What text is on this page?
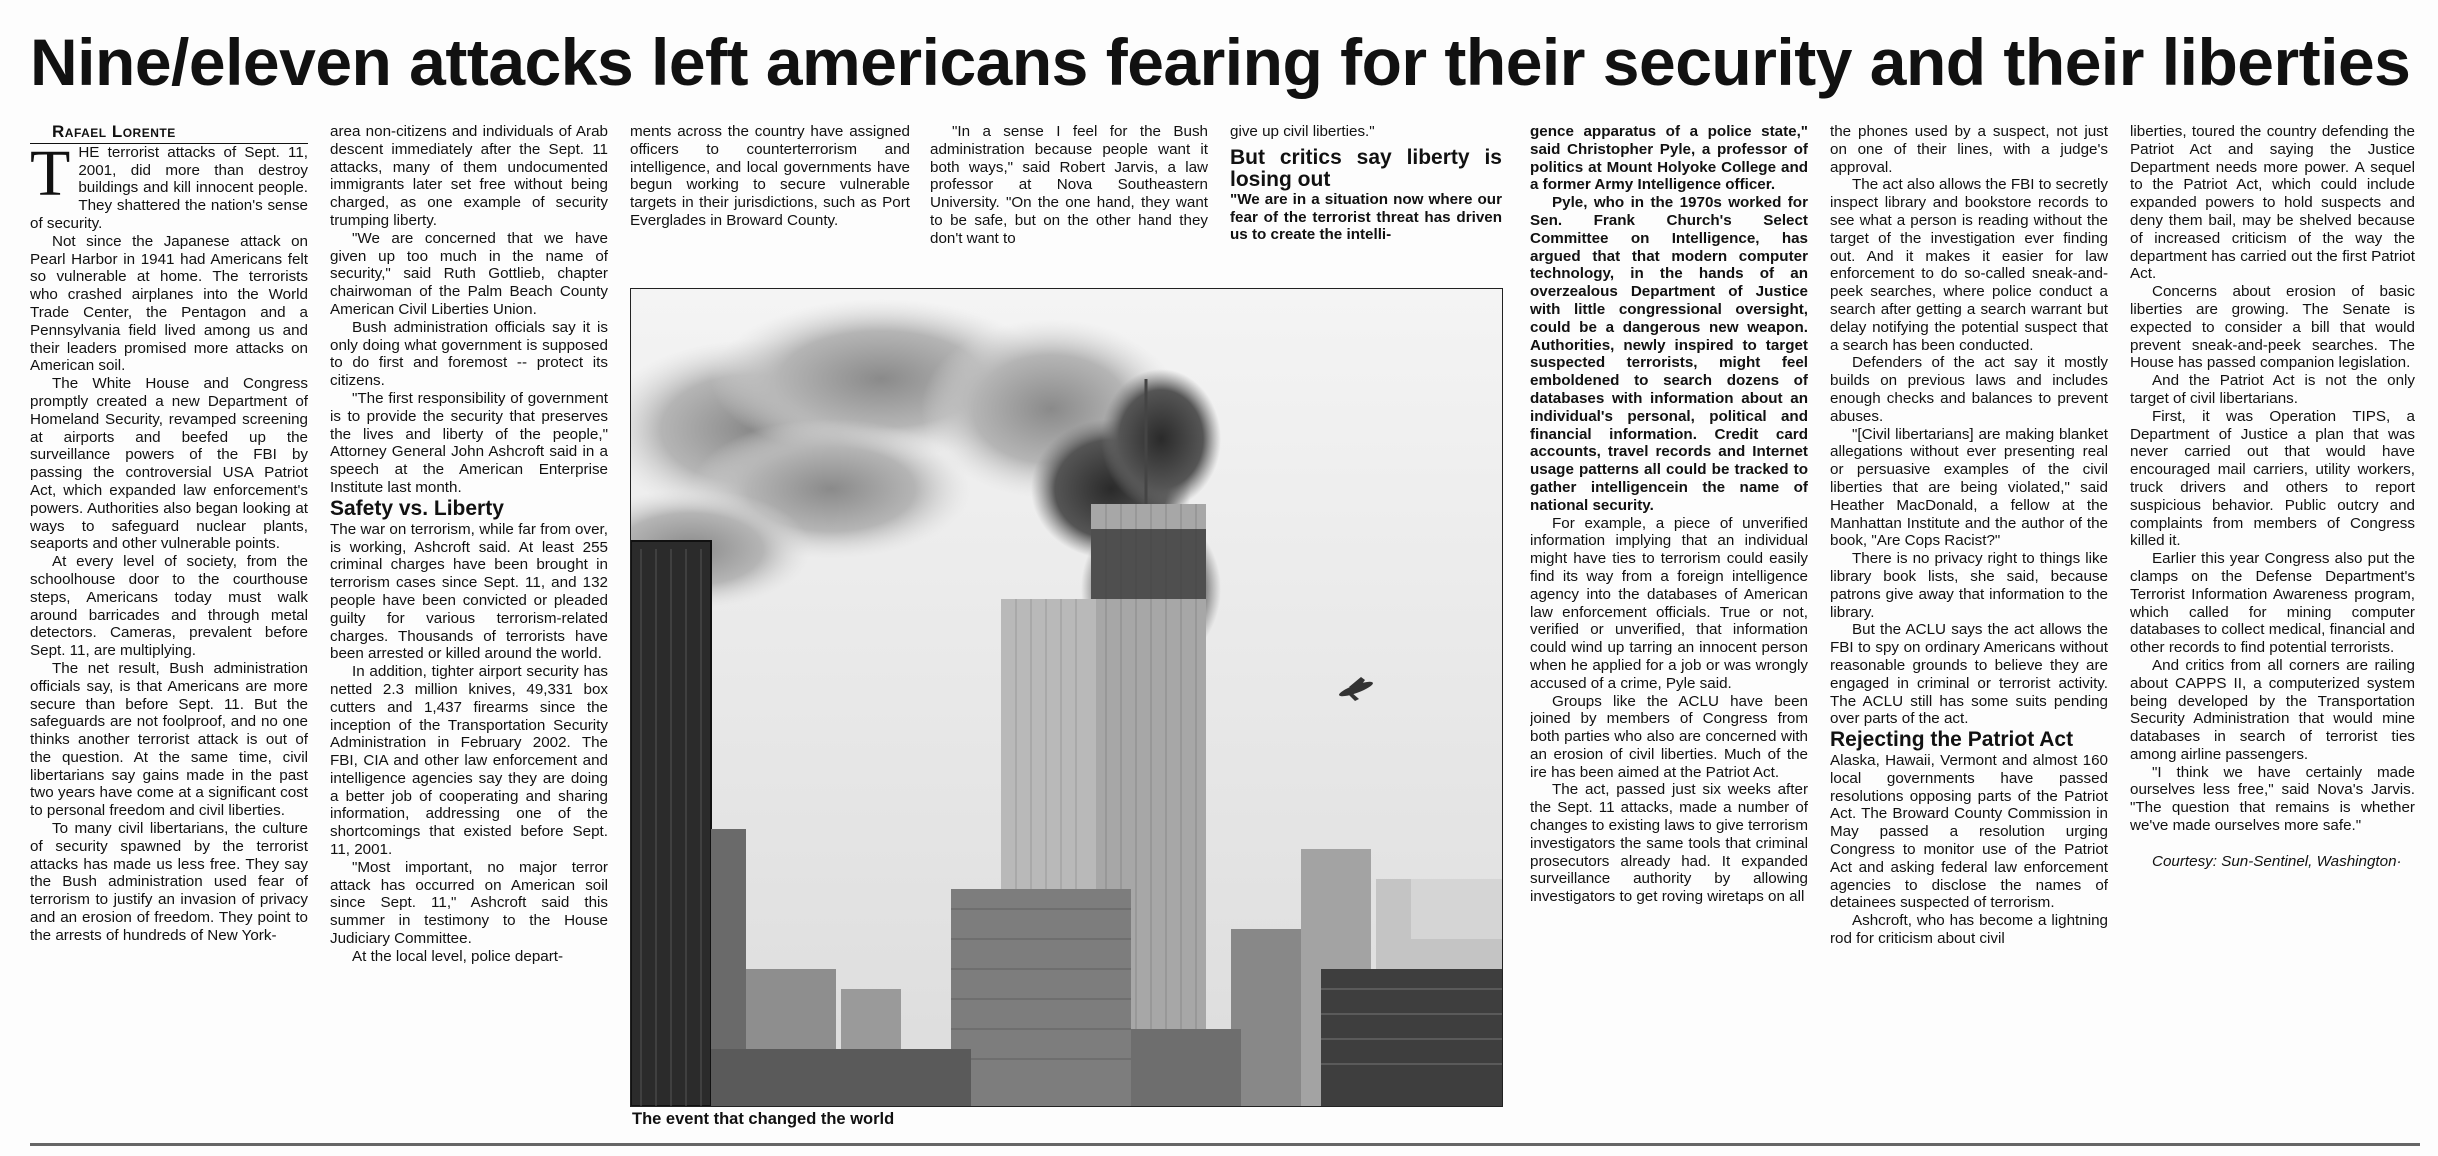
Nine/eleven attacks left americans fearing for their security and their liberties

Rafael Lorente

THE terrorist attacks of Sept. 11, 2001, did more than destroy buildings and kill innocent people. They shattered the nation's sense of security.

Not since the Japanese attack on Pearl Harbor in 1941 had Americans felt so vulnerable at home. The terrorists who crashed airplanes into the World Trade Center, the Pentagon and a Pennsylvania field lived among us and their leaders promised more attacks on American soil.

The White House and Congress promptly created a new Department of Homeland Security, revamped screening at airports and beefed up the surveillance powers of the FBI by passing the controversial USA Patriot Act, which expanded law enforcement's powers. Authorities also began looking at ways to safeguard nuclear plants, seaports and other vulnerable points.

At every level of society, from the schoolhouse door to the courthouse steps, Americans today must walk around barricades and through metal detectors. Cameras, prevalent before Sept. 11, are multiplying.

The net result, Bush administration officials say, is that Americans are more secure than before Sept. 11. But the safeguards are not foolproof, and no one thinks another terrorist attack is out of the question. At the same time, civil libertarians say gains made in the past two years have come at a significant cost to personal freedom and civil liberties.

To many civil libertarians, the culture of security spawned by the terrorist attacks has made us less free. They say the Bush administration used fear of terrorism to justify an invasion of privacy and an erosion of freedom. They point to the arrests of hundreds of New York-

area non-citizens and individuals of Arab descent immediately after the Sept. 11 attacks, many of them undocumented immigrants later set free without being charged, as one example of security trumping liberty.

"We are concerned that we have given up too much in the name of security," said Ruth Gottlieb, chapter chairwoman of the Palm Beach County American Civil Liberties Union.

Bush administration officials say it is only doing what government is supposed to do first and foremost -- protect its citizens.

"The first responsibility of government is to provide the security that preserves the lives and liberty of the people," Attorney General John Ashcroft said in a speech at the American Enterprise Institute last month.

Safety vs. Liberty

The war on terrorism, while far from over, is working, Ashcroft said. At least 255 criminal charges have been brought in terrorism cases since Sept. 11, and 132 people have been convicted or pleaded guilty for various terrorism-related charges. Thousands of terrorists have been arrested or killed around the world.

In addition, tighter airport security has netted 2.3 million knives, 49,331 box cutters and 1,437 firearms since the inception of the Transportation Security Administration in February 2002. The FBI, CIA and other law enforcement and intelligence agencies say they are doing a better job of cooperating and sharing information, addressing one of the shortcomings that existed before Sept. 11, 2001.

"Most important, no major terror attack has occurred on American soil since Sept. 11," Ashcroft said this summer in testimony to the House Judiciary Committee.

At the local level, police depart-

ments across the country have assigned officers to counterterrorism and intelligence, and local governments have begun working to secure vulnerable targets in their jurisdictions, such as Port Everglades in Broward County.

"In a sense I feel for the Bush administration because people want it both ways," said Robert Jarvis, a law professor at Nova Southeastern University. "On the one hand, they want to be safe, but on the other hand they don't want to

give up civil liberties."

But critics say liberty is losing out

"We are in a situation now where our fear of the terrorist threat has driven us to create the intelli-

The event that changed the world

gence apparatus of a police state," said Christopher Pyle, a professor of politics at Mount Holyoke College and a former Army Intelligence officer.

Pyle, who in the 1970s worked for Sen. Frank Church's Select Committee on Intelligence, has argued that that modern computer technology, in the hands of an overzealous Department of Justice with little congressional oversight, could be a dangerous new weapon. Authorities, newly inspired to target suspected terrorists, might feel emboldened to search dozens of databases with information about an individual's personal, political and financial information. Credit card accounts, travel records and Internet usage patterns all could be tracked to gather intelligencein the name of national security.

For example, a piece of unverified information implying that an individual might have ties to terrorism could easily find its way from a foreign intelligence agency into the databases of American law enforcement officials. True or not, verified or unverified, that information could wind up tarring an innocent person when he applied for a job or was wrongly accused of a crime, Pyle said.

Groups like the ACLU have been joined by members of Congress from both parties who also are concerned with an erosion of civil liberties. Much of the ire has been aimed at the Patriot Act.

The act, passed just six weeks after the Sept. 11 attacks, made a number of changes to existing laws to give terrorism investigators the same tools that criminal prosecutors already had. It expanded surveillance authority by allowing investigators to get roving wiretaps on all

the phones used by a suspect, not just on one of their lines, with a judge's approval.

The act also allows the FBI to secretly inspect library and bookstore records to see what a person is reading without the target of the investigation ever finding out. And it makes it easier for law enforcement to do so-called sneak-and-peek searches, where police conduct a search after getting a search warrant but delay notifying the potential suspect that a search has been conducted.

Defenders of the act say it mostly builds on previous laws and includes enough checks and balances to prevent abuses.

"[Civil libertarians] are making blanket allegations without ever presenting real or persuasive examples of the civil liberties that are being violated," said Heather MacDonald, a fellow at the Manhattan Institute and the author of the book, "Are Cops Racist?"

There is no privacy right to things like library book lists, she said, because patrons give away that information to the library.

But the ACLU says the act allows the FBI to spy on ordinary Americans without reasonable grounds to believe they are engaged in criminal or terrorist activity. The ACLU still has some suits pending over parts of the act.

Rejecting the Patriot Act

Alaska, Hawaii, Vermont and almost 160 local governments have passed resolutions opposing parts of the Patriot Act. The Broward County Commission in May passed a resolution urging Congress to monitor use of the Patriot Act and asking federal law enforcement agencies to disclose the names of detainees suspected of terrorism.

Ashcroft, who has become a lightning rod for criticism about civil

liberties, toured the country defending the Patriot Act and saying the Justice Department needs more power. A sequel to the Patriot Act, which could include expanded powers to hold suspects and deny them bail, may be shelved because of increased criticism of the way the department has carried out the first Patriot Act.

Concerns about erosion of basic liberties are growing. The Senate is expected to consider a bill that would prevent sneak-and-peek searches. The House has passed companion legislation.

And the Patriot Act is not the only target of civil libertarians.

First, it was Operation TIPS, a Department of Justice a plan that was never carried out that would have encouraged mail carriers, utility workers, truck drivers and others to report suspicious behavior. Public outcry and complaints from members of Congress killed it.

Earlier this year Congress also put the clamps on the Defense Department's Terrorist Information Awareness program, which called for mining computer databases to collect medical, financial and other records to find potential terrorists.

And critics from all corners are railing about CAPPS II, a computerized system being developed by the Transportation Security Administration that would mine databases in search of terrorist ties among airline passengers.

"I think we have certainly made ourselves less free," said Nova's Jarvis. "The question that remains is whether we've made ourselves more safe."

Courtesy: Sun-Sentinel, Washington·
